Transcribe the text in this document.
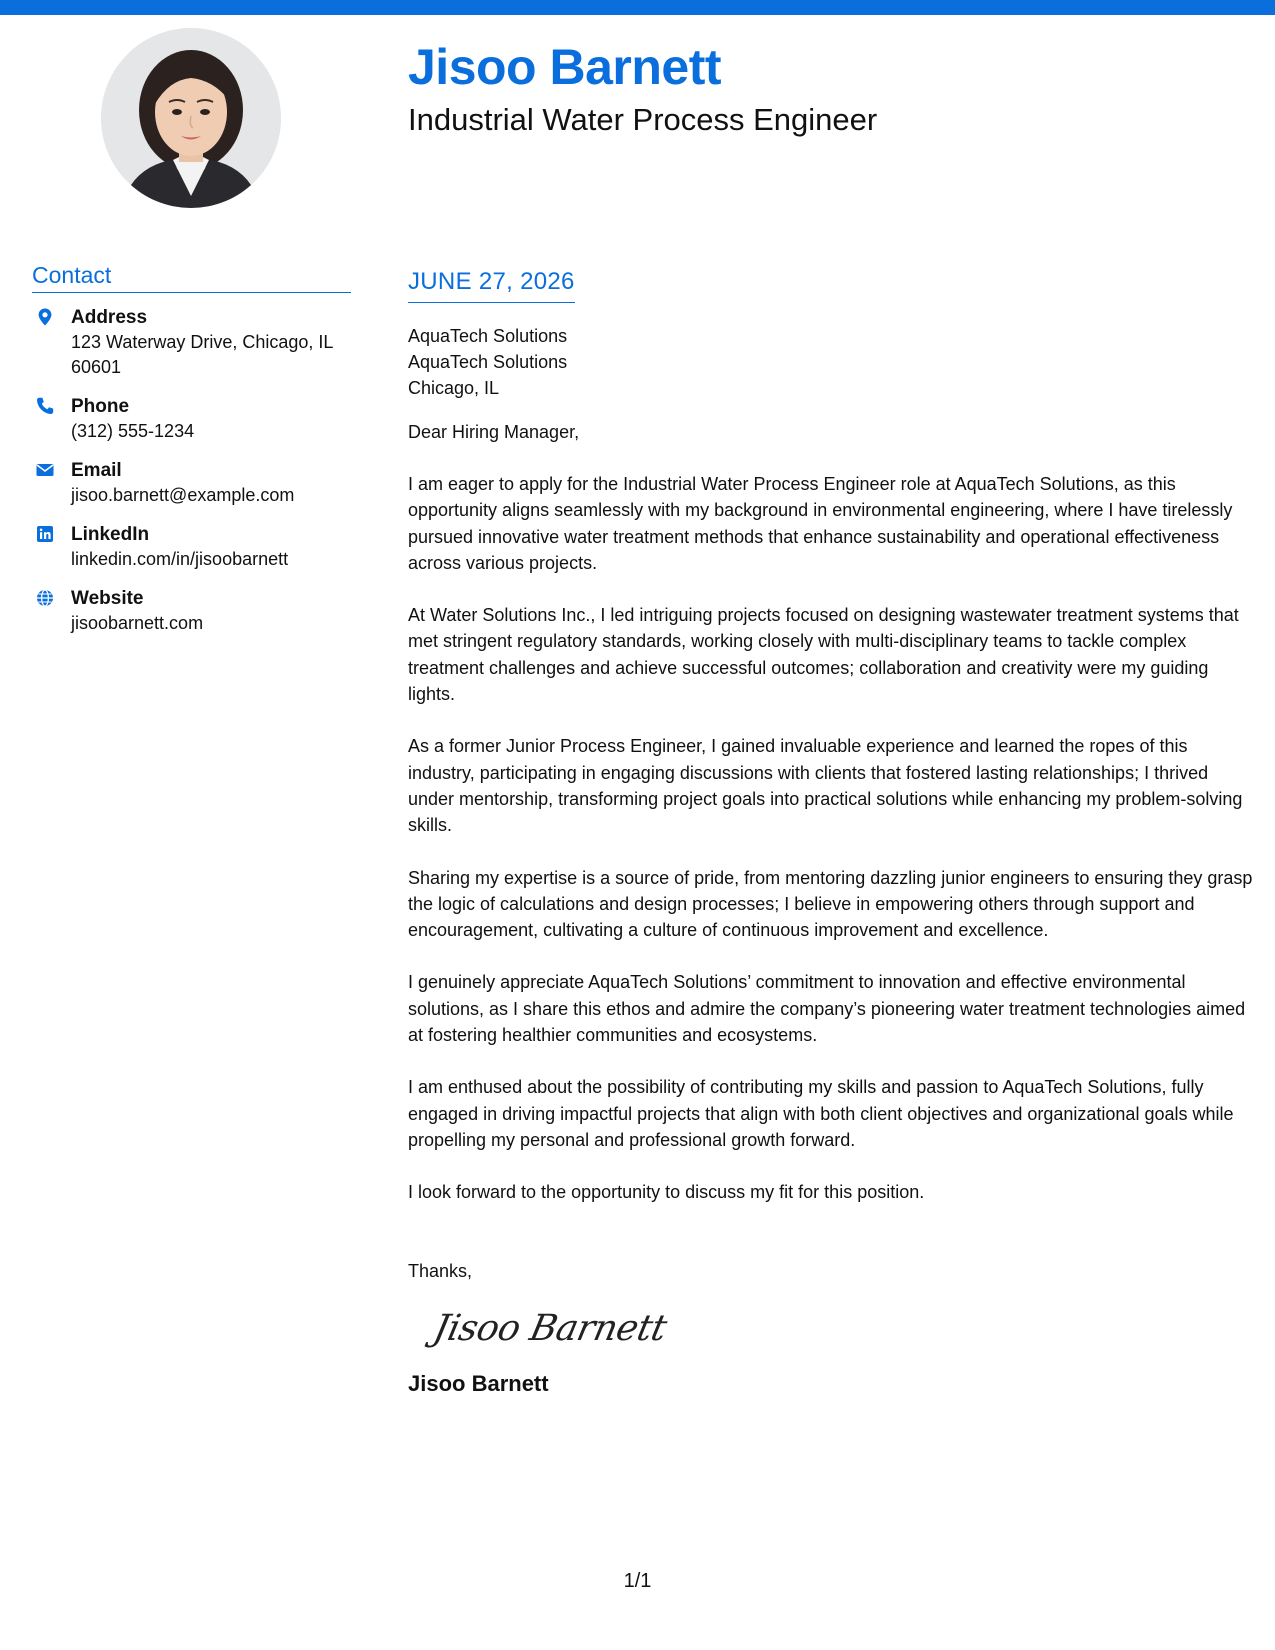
Jisoo Barnett
Industrial Water Process Engineer
Contact
Address
123 Waterway Drive, Chicago, IL 60601
Phone
(312) 555-1234
Email
jisoo.barnett@example.com
LinkedIn
linkedin.com/in/jisoobarnett
Website
jisoobarnett.com
JUNE 27, 2026
AquaTech Solutions
AquaTech Solutions
Chicago, IL
Dear Hiring Manager,
I am eager to apply for the Industrial Water Process Engineer role at AquaTech Solutions, as this opportunity aligns seamlessly with my background in environmental engineering, where I have tirelessly pursued innovative water treatment methods that enhance sustainability and operational effectiveness across various projects.
At Water Solutions Inc., I led intriguing projects focused on designing wastewater treatment systems that met stringent regulatory standards, working closely with multi-disciplinary teams to tackle complex treatment challenges and achieve successful outcomes; collaboration and creativity were my guiding lights.
As a former Junior Process Engineer, I gained invaluable experience and learned the ropes of this industry, participating in engaging discussions with clients that fostered lasting relationships; I thrived under mentorship, transforming project goals into practical solutions while enhancing my problem-solving skills.
Sharing my expertise is a source of pride, from mentoring dazzling junior engineers to ensuring they grasp the logic of calculations and design processes; I believe in empowering others through support and encouragement, cultivating a culture of continuous improvement and excellence.
I genuinely appreciate AquaTech Solutions’ commitment to innovation and effective environmental solutions, as I share this ethos and admire the company’s pioneering water treatment technologies aimed at fostering healthier communities and ecosystems.
I am enthused about the possibility of contributing my skills and passion to AquaTech Solutions, fully engaged in driving impactful projects that align with both client objectives and organizational goals while propelling my personal and professional growth forward.
I look forward to the opportunity to discuss my fit for this position.
Thanks,
Jisoo Barnett
Jisoo Barnett
1/1
